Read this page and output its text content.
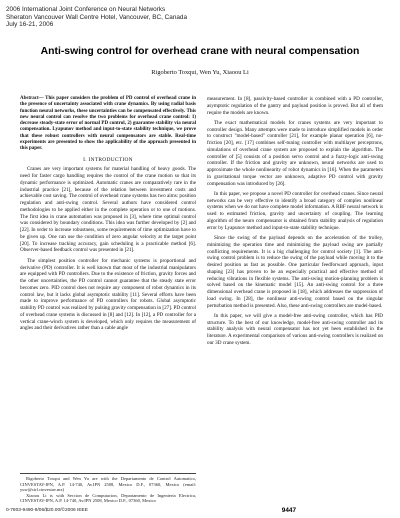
2006 International Joint Conference on Neural Networks
Sheraton Vancouver Wall Centre Hotel, Vancouver, BC, Canada
July 16-21, 2006
Anti-swing control for overhead crane with neural compensation
Rigoberto Toxqui, Wen Yu, Xiaoou Li

Abstract— This paper considers the problem of PD control of overhead crane in the presence of uncertainty associated with crane dynamics. By using radial basis function neural networks, these uncertainties can be compensated effectively. This new neural control can resolve the two problems for overhead crane control: 1) decrease steady-state error of normal PD control, 2) guarantee stability via neural compensation. Lyapunov method and input-to-state stability technique, we prove that these robust controllers with neural compensators are stable. Real-time experiments are presented to show the applicability of the approach presented in this paper.

I. INTRODUCTION

Cranes are very important systems for material handling of heavy goods. The need for faster cargo handling requires the control of the crane motion so that its dynamic performance is optimized. Automatic cranes are comparatively rare in the industrial practice [21], because of the relation between investment costs and achievable cost saving. The control of overhead crane systems has two aims: position regulation and anti-swing control. Several authors have considered control methodologies to be applied either in the complete operation or to one of motions. The first idea in crane automation was proposed in [3], where time optimal control was considered by boundary conditions. This idea was further developed by [2] and [22]. In order to increase robustness, some requirements of time optimization have to be given up. One can use the condition of zero angular velocity at the target point [20]. To increase tracking accuracy, gain scheduling is a practicable method [6]. Observer-based feedback control was presented in [21].

The simplest position controller for mechanic systems is proportional and derivative (PD) controller. It is well known that most of the industrial manipulators are equipped with PD controllers. Due to the existence of friction, gravity forces and the other uncertainties, the PD control cannot guarantee that the steady state error becomes zero. PID control does not require any component of robot dynamics in its control law, but it lacks global asymptotic stability [11]. Several efforts have been made to improve performance of PD controllers for robots. Global asymptotic stability PD control was realized by pulsing gravity compensation in [27]. PD control of overhead crane systems is discussed in [8] and [12]. In [12], a PD controller for a vertical crane-winch system is developed, which only requires the measurement of angles and their derivatives rather than a cable angle

Rigoberto Toxqui and Wen Yu are with the Departamento de Control Automatico, CINVESTAV-IPN, A.P. 14-740, Av.IPN 2508, Mexico D.F., 07360, Mexico (email: yuw@ctrl.cinvestav.mx)

Xiaoou Li is with Seccion de Computacion, Departamento de Ingenieria Electrica, CINVESTAV-IPN, A.P. 14-740, Av.IPN 2508, Mexico D.F., 07360, Mexico

measurement. In [8], passivity-based controller is combined with a PD controller, asymptotic regulation of the gantry and payload position is proved. But all of them require the models are known.

The exact mathematical models for cranes systems are very important to controller design. Many attempts were made to introduce simplified models in order to construct "model-based" controller [21], for example planar operation [6], no-friction [20], etc. [17] combines self-tuning controller with multilayer perceptrons, simulations of overhead crane system are proposed to explain the algorithm. The controller of [5] consists of a position servo control and a fuzzy-logic anti-swing controller. If the friction and gravity are unknown, neural networks are used to approximate the whole nonlinearity of robot dynamics in [16]. When the parameters in gravitational torque vector are unknown, adaptive PD control with gravity compensation was introduced by [26].

In this paper, we propose a novel PD controller for overhead cranes. Since neural networks can be very effective to identify a broad category of complex nonlinear systems when we do not have complete model information. A RBF neural network is used to estimated friction, gravity and uncertainty of coupling. The learning algorithm of the neuro compensator is obtained from stability analysis of regulation error by Lyapunov method and input-to-state stability technique.

Since the swing of the payload depends on the acceleration of the trolley, minimizing the operation time and minimizing the payload swing are partially conflicting requirements. It is a big challenging for control society [1]. The anti-swing control problem is to reduce the swing of the payload while moving it to the desired position as fast as possible. One particular feedforward approach, input shaping [23] has proven to be an especially practical and effective method of reducing vibrations in flexible systems. The anti-swing motion-planning problem is solved based on the kinematic model [15]. An anti-swing control for a three dimensional overhead crane is proposed in [18], which addresses the suppression of load swing. In [28], the nonlinear anti-swing control based on the singular perturbation method is presented. Also, these anti-swing controllers are model-based.

In this paper, we will give a model-free anti-swing controller, which has PID structure. To the best of our knowledge, model-free anti-swing controller and its stability analysis with neural compensator has not yet been established in the literature. A experimental comparison of various anti-swing controllers is realized on our 3D crane system.

0-7803-9490-9/06/$20.00/©2006 IEEE	9447
